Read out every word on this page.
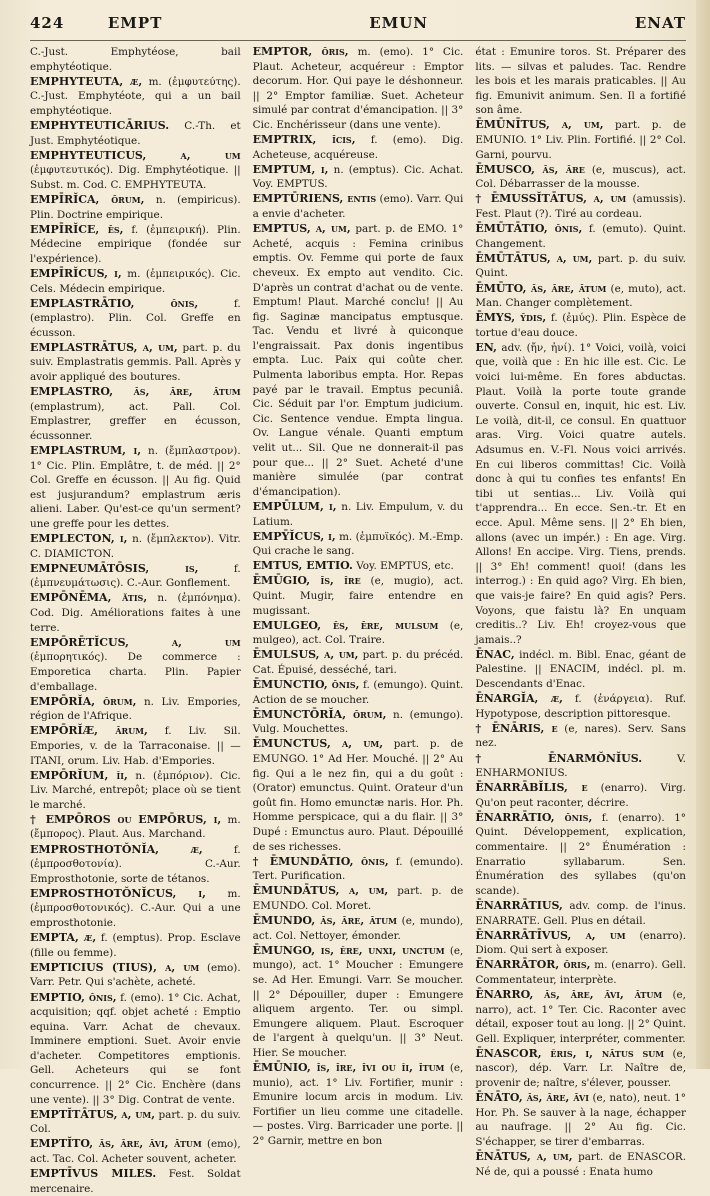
424	EMPT	EMUN	ENAT

C.-Just. Emphytéose, bail emphytéotique.

EMPHYTEUTA, æ, m. (ἐμφυτεύτης). C.-Just. Emphytéote, qui a un bail emphytéotique.

EMPHYTEUTICĀRIUS. C.-Th. et Just. Emphytéotique.

EMPHYTEUTICUS, a, um (ἐμφυτευτικός). Dig. Emphytéotique. || Subst. m. Cod. C. EMPHYTEUTA.

EMPĪRĬCA, ōrum, n. (empiricus). Plin. Doctrine empirique.

EMPĪRĬCE, ēs, f. (ἐμπειρική). Plin. Médecine empirique (fondée sur l'expérience).

EMPĪRĬCUS, i, m. (ἐμπειρικός). Cic. Cels. Médecin empirique.

EMPLASTRĀTIO, ōnis,	f. (emplastro). Plin. Col. Greffe en écusson.

EMPLASTRĀTUS, a, um, part. p. du suiv. Emplastratis gemmis. Pall. Après y avoir appliqué des boutures.

EMPLASTRO, ās, āre, ātum (emplastrum), act. Pall. Col. Emplastrer, greffer en écusson, écussonner.

EMPLASTRUM, i, n. (ἔμπλαστρον). 1° Cic. Plin. Emplâtre, t. de méd. || 2° Col. Greffe en écusson. || Au fig. Quid est jusjurandum? emplastrum æris alieni. Laber. Qu'est-ce qu'un serment? une greffe pour les dettes.

EMPLECTON, i, n. (ἔμπλεκτον). Vitr. C. DIAMICTON.

EMPNEUMĀTŌSIS, is,	f. (ἐμπνευμάτωσις). C.-Aur. Gonflement.

EMPŌNĒMA, ătis, n. (ἐμπόνημα). Cod. Dig. Améliorations faites à une terre.

EMPŌRĒTĬCUS, a, um (ἐμπορητικός). De commerce : Emporetica charta. Plin. Papier d'emballage.

EMPŌRĬA, ōrum, n. Liv. Empories, région de l'Afrique.

EMPŌRĬÆ, ārum, f. Liv. Sil. Empories, v. de la Tarraconaise. || —ITANI, orum. Liv. Hab. d'Empories.

EMPŌRĬUM, ĭi, n. (ἐμπόριον). Cic. Liv. Marché, entrepôt; place où se tient le marché.

† EMPŌROS ou EMPŌRUS, i, m. (ἔμπορος). Plaut. Aus. Marchand.

EMPROSTHOTŎNĬA, æ,	f. (ἐμπροσθοτονία). C.-Aur. Emprosthotonie, sorte de tétanos.

EMPROSTHOTŎNĬCUS, i, m. (ἐμπροσθοτονικός). C.-Aur. Qui a une emprosthotonie.

EMPTA, æ, f. (emptus). Prop. Esclave (fille ou femme).

EMPTICIUS (TIUS), a, um (emo). Varr. Petr. Qui s'achète, acheté.

EMPTIO, ōnis, f. (emo). 1° Cic. Achat, acquisition; qqf. objet acheté : Emptio equina. Varr. Achat de chevaux. Imminere emptioni. Suet. Avoir envie d'acheter. Competitores emptionis. Gell. Acheteurs qui se font concurrence. || 2° Cic. Enchère (dans une vente). || 3° Dig. Contrat de vente.

EMPTĬTĀTUS, a, um, part. p. du suiv. Col.

EMPTĬTO, ās, āre, āvi, ātum (emo), act. Tac. Col. Acheter souvent, acheter.

EMPTĪVUS MILES. Fest. Soldat mercenaire.

EMPTOR, ōris, m. (emo). 1° Cic. Plaut. Acheteur, acquéreur : Emptor decorum. Hor. Qui paye le déshonneur. || 2° Emptor familiæ. Suet. Acheteur simulé par contrat d'émancipation. || 3° Cic. Enchérisseur (dans une vente).

EMPTRIX, īcis, f. (emo). Dig. Acheteuse, acquéreuse.

EMPTUM, i, n. (emptus). Cic. Achat. Voy. EMPTUS.

EMPTŪRIENS, entis (emo). Varr. Qui a envie d'acheter.

EMPTUS, a, um, part. p. de EMO. 1° Acheté, acquis : Femina crinibus emptis. Ov. Femme qui porte de faux cheveux. Ex empto aut vendito. Cic. D'après un contrat d'achat ou de vente. Emptum! Plaut. Marché conclu! || Au fig. Saginæ mancipatus emptusque. Tac. Vendu et livré à quiconque l'engraissait. Pax donis ingentibus empta. Luc. Paix qui coûte cher. Pulmenta laboribus empta. Hor. Repas payé par le travail. Emptus pecuniâ. Cic. Séduit par l'or. Emptum judicium. Cic. Sentence vendue. Empta lingua. Ov. Langue vénale. Quanti emptum velit ut... Sil. Que ne donnerait-il pas pour que... || 2° Suet. Acheté d'une manière simulée (par contrat d'émancipation).

EMPŪLUM, i, n. Liv. Empulum, v. du Latium.

EMPȲĬCUS, i, m. (ἐμπυϊκός). M.-Emp. Qui crache le sang.

EMTUS, EMTIO. Voy. EMPTUS, etc.

ĒMŪGIO, īs, īre (e, mugio), act. Quint. Mugir, faire entendre en mugissant.

EMULGEO, ēs, ēre, mulsum (e, mulgeo), act. Col. Traire.

ĒMULSUS, a, um, part. p. du précéd. Cat. Épuisé, desséché, tari.

ĒMUNCTIO, ōnis, f. (emungo). Quint. Action de se moucher.

ĒMUNCTŌRĬA, ōrum, n. (emungo). Vulg. Mouchettes.

ĒMUNCTUS, a, um, part. p. de EMUNGO. 1° Ad Her. Mouché. || 2° Au fig. Qui a le nez fin, qui a du goût : (Orator) emunctus. Quint. Orateur d'un goût fin. Homo emunctæ naris. Hor. Ph. Homme perspicace, qui a du flair. || 3° Dupé : Emunctus auro. Plaut. Dépouillé de ses richesses.

† ĒMUNDĀTIO, ōnis, f. (emundo). Tert. Purification.

ĒMUNDĀTUS, a, um, part. p. de EMUNDO. Col. Moret.

ĒMUNDO, ās, āre, ātum (e, mundo), act. Col. Nettoyer, émonder.

ĒMUNGO, is, ĕre, unxi, unctum (e, mungo), act. 1° Moucher : Emungere se. Ad Her. Emungi. Varr. Se moucher. || 2° Dépouiller, duper : Emungere aliquem argento. Ter. ou simpl. Emungere aliquem. Plaut. Escroquer de l'argent à quelqu'un. || 3° Neut. Hier. Se moucher.

ĒMŪNIO, īs, īre, īvi ou ĭi, ītum (e, munio), act. 1° Liv. Fortifier, munir : Emunire locum arcis in modum. Liv. Fortifier un lieu comme une citadelle. — postes. Virg. Barricader une porte. || 2° Garnir, mettre en bon

état : Emunire toros. St. Préparer des lits. — silvas et paludes. Tac. Rendre les bois et les marais praticables. || Au fig. Emunivit animum. Sen. Il a fortifié son âme.

ĒMŪNĪTUS, a, um, part. p. de EMUNIO. 1° Liv. Plin. Fortifié. || 2° Col. Garni, pourvu.

ĒMUSCO, ās, āre (e, muscus), act. Col. Débarrasser de la mousse.

† ĒMUSSĬTĀTUS, a, um (amussis). Fest. Plaut (?). Tiré au cordeau.

ĒMŪTĀTIO, ōnis, f. (emuto). Quint. Changement.

ĒMŪTĀTUS, a, um, part. p. du suiv. Quint.

ĒMŪTO, ās, āre, ātum (e, muto), act. Man. Changer complètement.

ĒMYS, ȳdis, f. (ἐμύς). Plin. Espèce de tortue d'eau douce.

EN, adv. (ἤν, ἠνί). 1° Voici, voilà, voici que, voilà que : En hic ille est. Cic. Le voici lui-même. En fores abductas. Plaut. Voilà la porte toute grande ouverte. Consul en, inquit, hic est. Liv. Le voilà, dit-il, ce consul. En quattuor aras. Virg. Voici quatre autels. Adsumus en. V.-Fl. Nous voici arrivés. En cui liberos committas! Cic. Voilà donc à qui tu confies tes enfants! En tibi ut sentias... Liv. Voilà qui t'apprendra... En ecce. Sen.-tr. Et en ecce. Apul. Même sens. || 2° Eh bien, allons (avec un impér.) : En age. Virg. Allons! En accipe. Virg. Tiens, prends. || 3° Eh! comment! quoi! (dans les interrog.) : En quid ago? Virg. Eh bien, que vais-je faire? En quid agis? Pers. Voyons, que faistu là? En unquam creditis..? Liv. Eh! croyez-vous que jamais..?

ĒNAC, indécl. m. Bibl. Enac, géant de Palestine. || ENACIM, indécl. pl. m. Descendants d'Enac.

ĒNARGĬA, æ, f. (ἐνάργεια). Ruf. Hypotypose, description pittoresque.

† ĒNĀRIS, e (e, nares). Serv. Sans nez.

† ĒNARMŎNĬUS.	V. ENHARMONIUS.

ĒNARRĀBĬLIS, e (enarro). Virg. Qu'on peut raconter, décrire.

ĒNARRĀTIO, ōnis, f. (enarro). 1° Quint. Développement, explication, commentaire. || 2° Énumération : Enarratio syllabarum. Sen. Énumération des syllabes (qu'on scande).

ĒNARRĀTIUS, adv. comp. de l'inus. ENARRATE. Gell. Plus en détail.

ĒNARRĀTĪVUS, a, um (enarro). Diom. Qui sert à exposer.

ĒNARRĀTOR, ōris, m. (enarro). Gell. Commentateur, interprète.

ĒNARRO, ās, āre, āvi, ātum (e, narro), act. 1° Ter. Cic. Raconter avec détail, exposer tout au long. || 2° Quint. Gell. Expliquer, interpréter, commenter.

ĒNASCOR, ĕris, i, nātus sum (e, nascor), dép. Varr. Lr. Naître de, provenir de; naître, s'élever, pousser.

ĒNĀTO, ās, āre, āvi (e, nato), neut. 1° Hor. Ph. Se sauver à la nage, échapper au naufrage. || 2° Au fig. Cic. S'échapper, se tirer d'embarras.

ĒNĀTUS, a, um, part. de ENASCOR. Né de, qui a poussé : Enata humo
